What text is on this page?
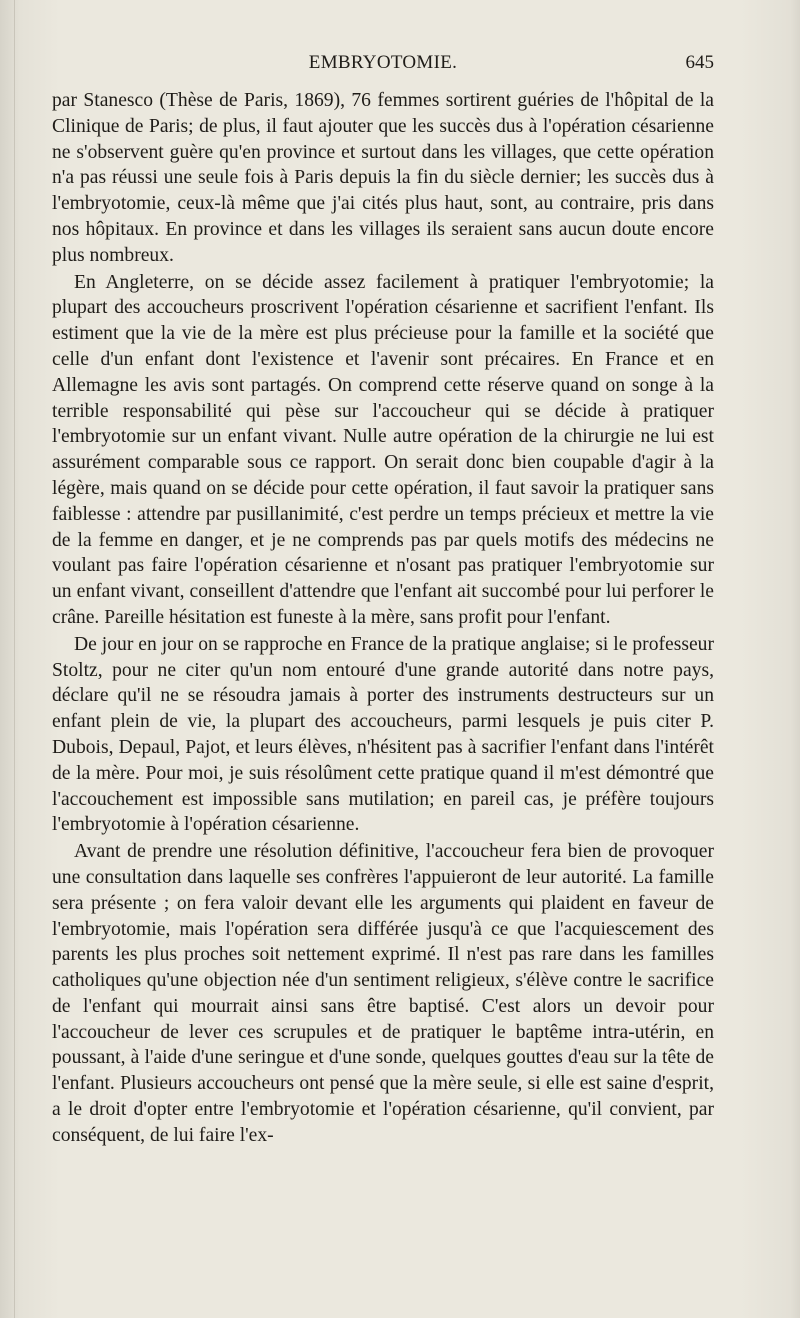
EMBRYOTOMIE.	645

par Stanesco (Thèse de Paris, 1869), 76 femmes sortirent guéries de l'hôpital de la Clinique de Paris; de plus, il faut ajouter que les succès dus à l'opération césarienne ne s'observent guère qu'en province et surtout dans les villages, que cette opération n'a pas réussi une seule fois à Paris depuis la fin du siècle dernier; les succès dus à l'embryotomie, ceux-là même que j'ai cités plus haut, sont, au contraire, pris dans nos hôpitaux. En province et dans les villages ils seraient sans aucun doute encore plus nombreux.

En Angleterre, on se décide assez facilement à pratiquer l'embryotomie; la plupart des accoucheurs proscrivent l'opération césarienne et sacrifient l'enfant. Ils estiment que la vie de la mère est plus précieuse pour la famille et la société que celle d'un enfant dont l'existence et l'avenir sont précaires. En France et en Allemagne les avis sont partagés. On comprend cette réserve quand on songe à la terrible responsabilité qui pèse sur l'accoucheur qui se décide à pratiquer l'embryotomie sur un enfant vivant. Nulle autre opération de la chirurgie ne lui est assurément comparable sous ce rapport. On serait donc bien coupable d'agir à la légère, mais quand on se décide pour cette opération, il faut savoir la pratiquer sans faiblesse : attendre par pusillanimité, c'est perdre un temps précieux et mettre la vie de la femme en danger, et je ne comprends pas par quels motifs des médecins ne voulant pas faire l'opération césarienne et n'osant pas pratiquer l'embryotomie sur un enfant vivant, conseillent d'attendre que l'enfant ait succombé pour lui perforer le crâne. Pareille hésitation est funeste à la mère, sans profit pour l'enfant.

De jour en jour on se rapproche en France de la pratique anglaise; si le professeur Stoltz, pour ne citer qu'un nom entouré d'une grande autorité dans notre pays, déclare qu'il ne se résoudra jamais à porter des instruments destructeurs sur un enfant plein de vie, la plupart des accoucheurs, parmi lesquels je puis citer P. Dubois, Depaul, Pajot, et leurs élèves, n'hésitent pas à sacrifier l'enfant dans l'intérêt de la mère. Pour moi, je suis résolûment cette pratique quand il m'est démontré que l'accouchement est impossible sans mutilation; en pareil cas, je préfère toujours l'embryotomie à l'opération césarienne.

Avant de prendre une résolution définitive, l'accoucheur fera bien de provoquer une consultation dans laquelle ses confrères l'appuieront de leur autorité. La famille sera présente ; on fera valoir devant elle les arguments qui plaident en faveur de l'embryotomie, mais l'opération sera différée jusqu'à ce que l'acquiescement des parents les plus proches soit nettement exprimé. Il n'est pas rare dans les familles catholiques qu'une objection née d'un sentiment religieux, s'élève contre le sacrifice de l'enfant qui mourrait ainsi sans être baptisé. C'est alors un devoir pour l'accoucheur de lever ces scrupules et de pratiquer le baptême intra-utérin, en poussant, à l'aide d'une seringue et d'une sonde, quelques gouttes d'eau sur la tête de l'enfant. Plusieurs accoucheurs ont pensé que la mère seule, si elle est saine d'esprit, a le droit d'opter entre l'embryotomie et l'opération césarienne, qu'il convient, par conséquent, de lui faire l'ex-
